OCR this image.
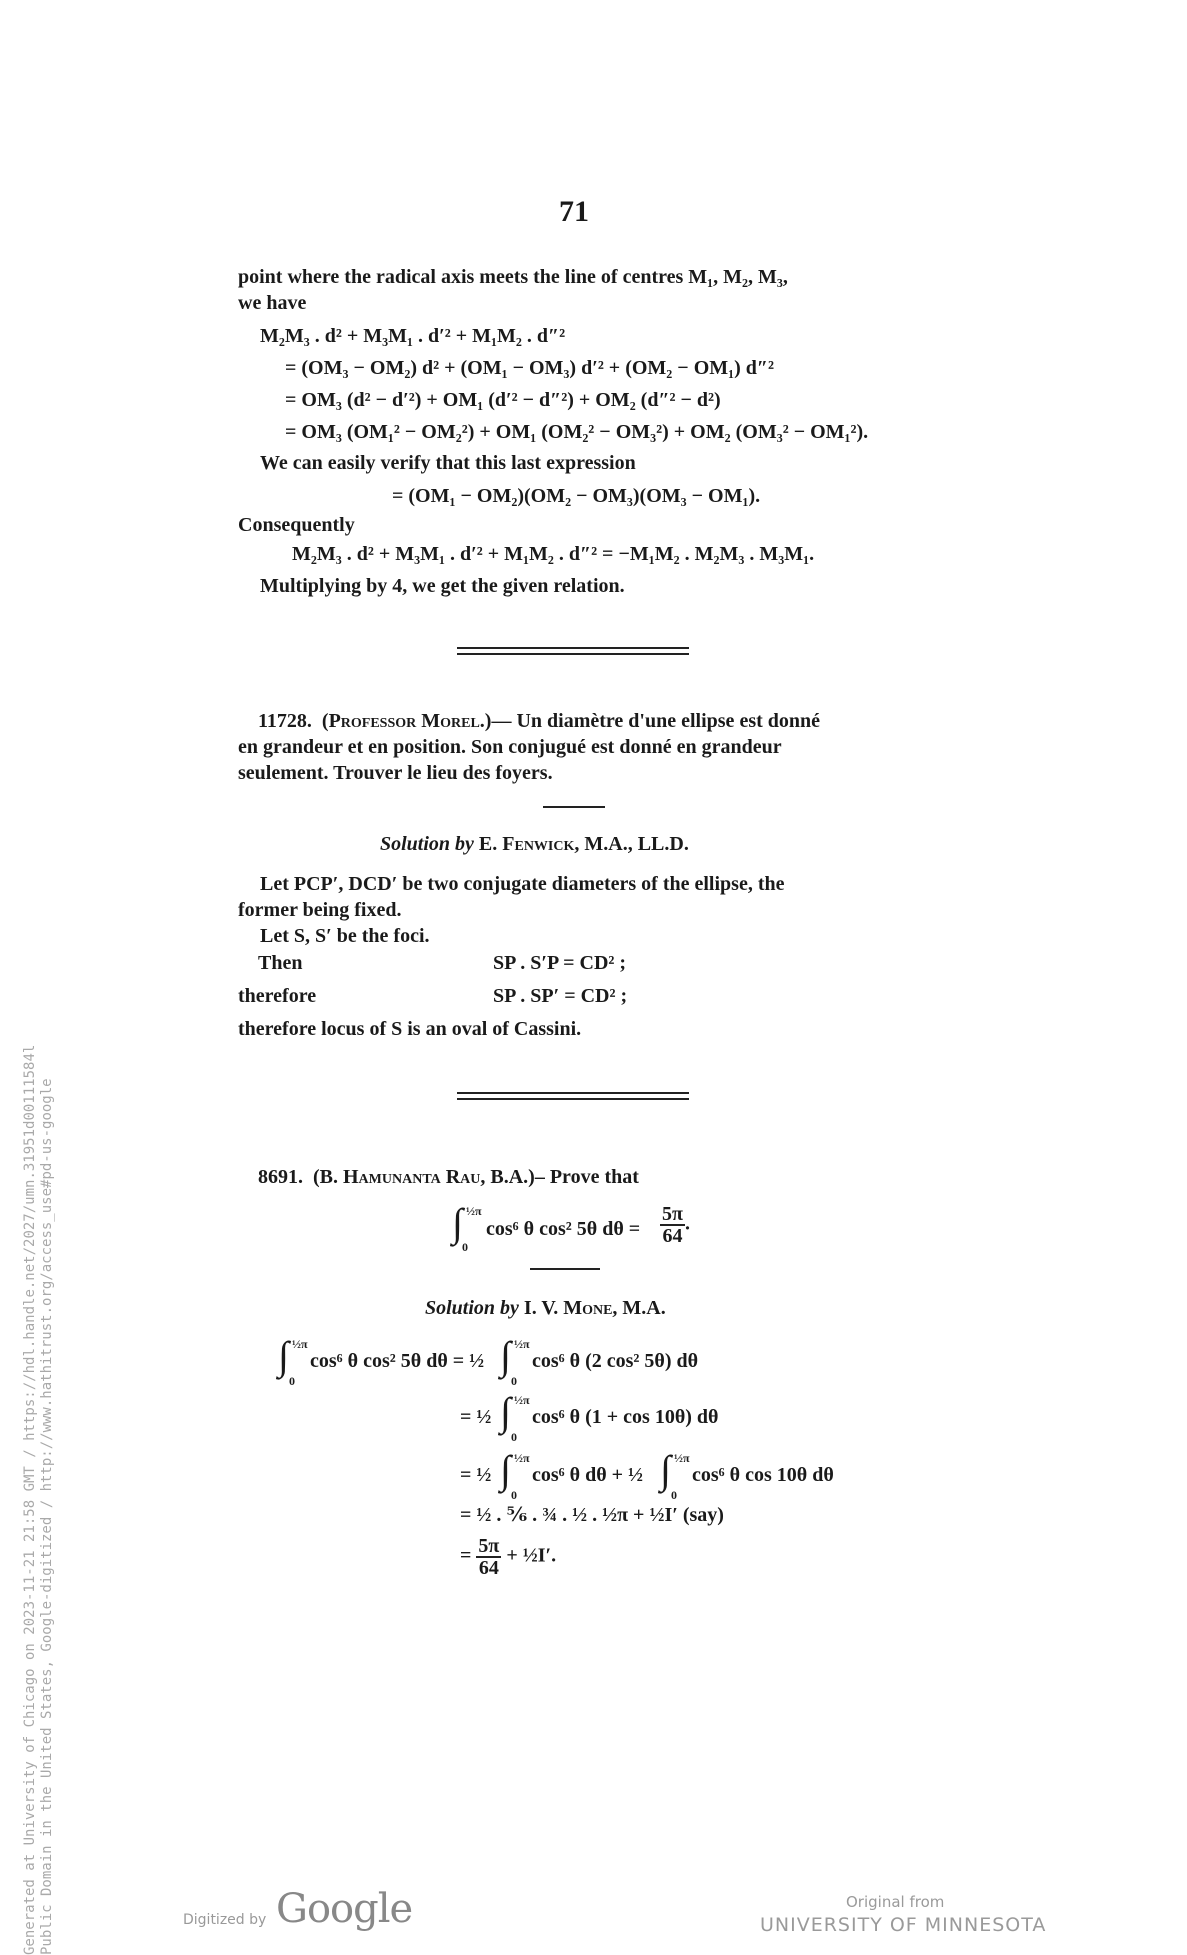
71
point where the radical axis meets the line of centres M₁, M₂, M₃,
we have
M₂M₃ . d² + M₃M₁ . d′² + M₁M₂ . d″²
= (OM₃ − OM₂) d² + (OM₁ − OM₃) d′² + (OM₂ − OM₁) d″²
= OM₃ (d² − d′²) + OM₁ (d′² − d″²) + OM₂ (d″² − d²)
= OM₃ (OM₁² − OM₂²) + OM₁ (OM₂² − OM₃²) + OM₂ (OM₃² − OM₁²).
We can easily verify that this last expression
= (OM₁ − OM₂)(OM₂ − OM₃)(OM₃ − OM₁).
Consequently
M₂M₃ . d² + M₃M₁ . d′² + M₁M₂ . d″² = −M₁M₂ . M₂M₃ . M₃M₁.
Multiplying by 4, we get the given relation.
11728. (Professor Morel.)— Un diamètre d'une ellipse est donné
en grandeur et en position. Son conjugué est donné en grandeur
seulement. Trouver le lieu des foyers.
Solution by E. Fenwick, M.A., LL.D.
Let PCP′, DCD′ be two conjugate diameters of the ellipse, the
former being fixed.
Let S, S′ be the foci.
Then	SP . S′P = CD² ;
therefore	SP . SP′ = CD² ;
therefore locus of S is an oval of Cassini.
8691. (B. Hamunanta Rau, B.A.)– Prove that
∫ ½π
0
cos⁶ θ cos² 5θ $d\theta = \frac{5\pi}{64}$ .
Solution by I. V. Mone, M.A.
∫ ½π
0
cos⁶ θ cos² 5θ dθ = ½ ∫ ½π
0
cos⁶ θ (2 cos² 5θ) dθ
= ½ ∫ ½π
0
cos⁶ θ (1 + cos 10θ) dθ
= ½ ∫ ½π
0
cos⁶ θ dθ + ½ ∫ ½π
0
cos⁶ θ cos 10θ dθ
= ½ . ⅚ . ¾ . ½ . ½π + ½I′ (say)
= $\frac{5\pi}{64}$ + ½I′.
Generated at University of Chicago on 2023-11-21 21:58 GMT / https://hdl.handle.net/2027/umn.31951d00111584l Public Domain in the United States, Google-digitized / http://www.hathitrust.org/access_use#pd-us-google	Digitized by Google	Original from
UNIVERSITY OF MINNESOTA
